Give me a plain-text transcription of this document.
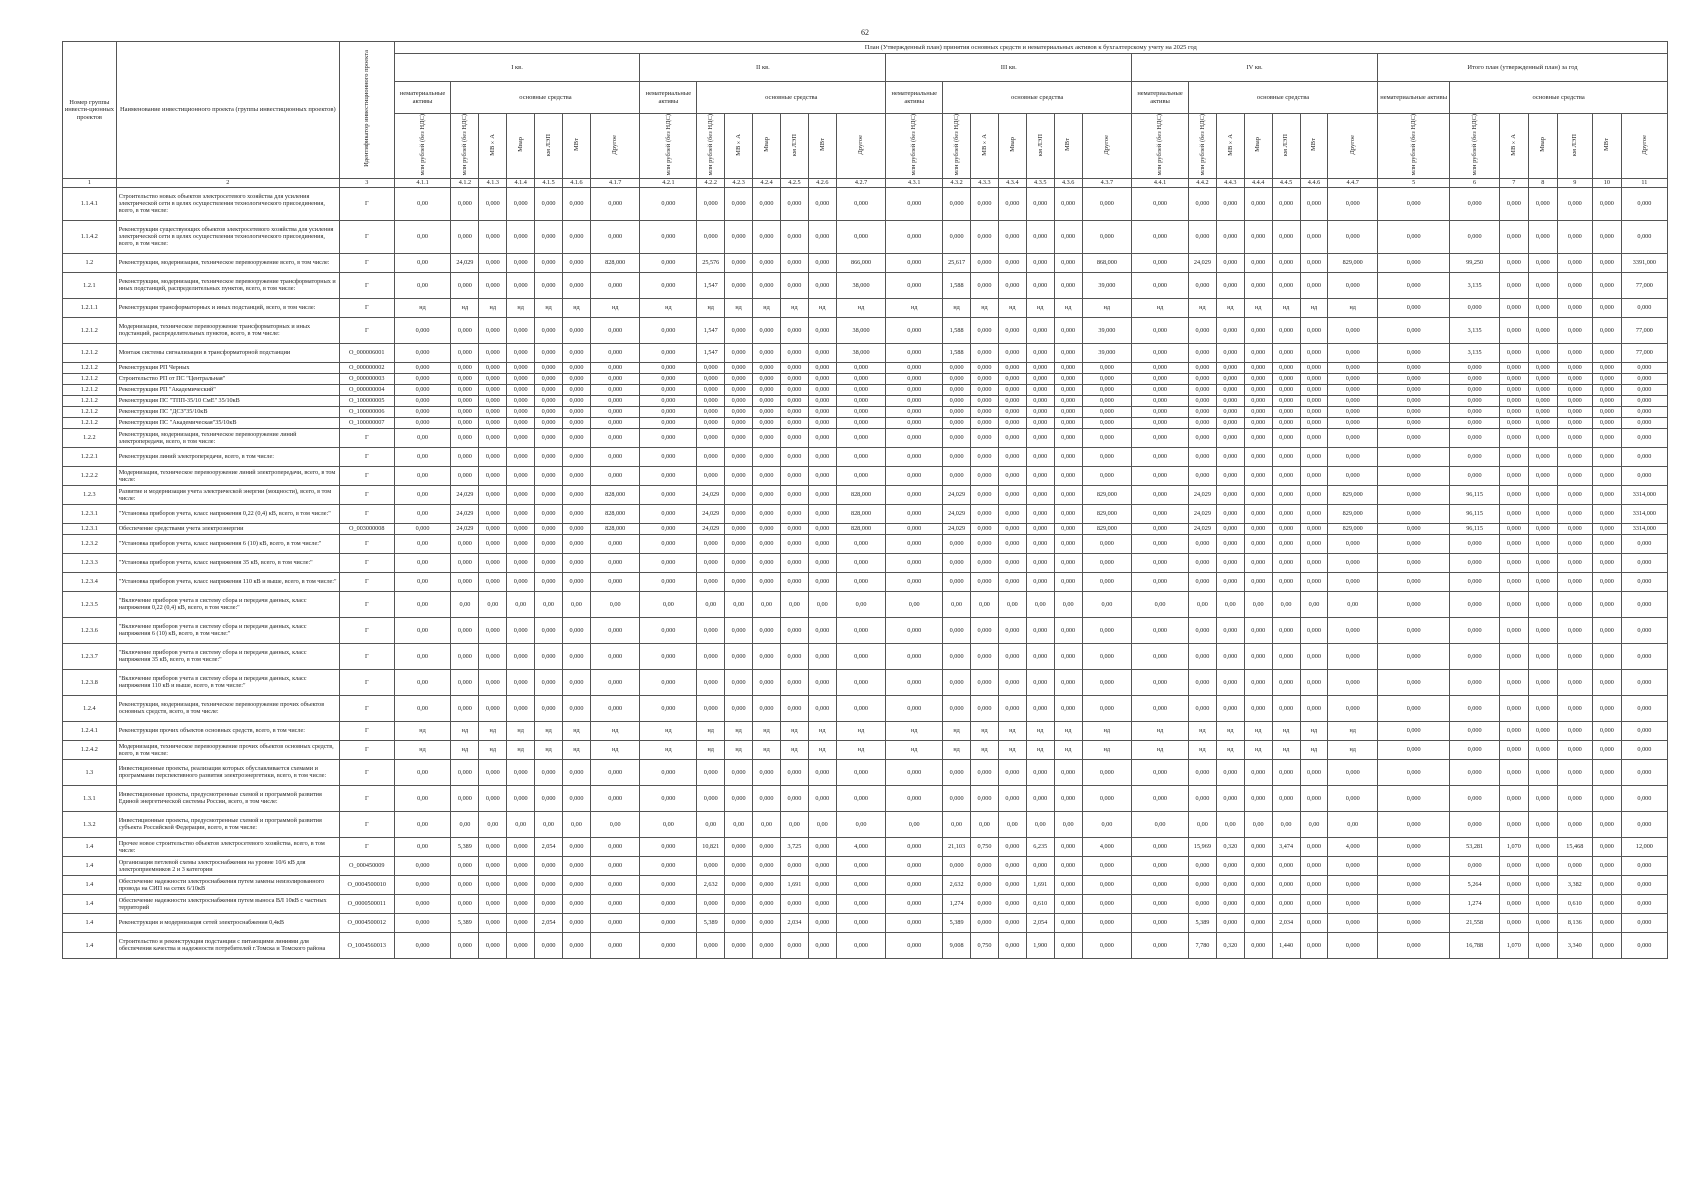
62
Номер группы инвести-ционных проектов	Наименование инвестиционного проекта (группы инвестиционных проектов)	Идентификатор инвестиционного проекта	План (Утвержденный план) принятия основных средств и нематериальных активов к бухгалтерскому учету на 2025 год																																		
			I кв.							II кв.							III кв.							IV кв.							Итого план (утвержденный план) за год						
			нематериальные активы	основные средства						нематериальные активы	основные средства						нематериальные активы	основные средства						нематериальные активы	основные средства						нематериальные активы	основные средства					
			млн рублей (без НДС)	млн рублей (без НДС)	МВ×А	Мвар	км ЛЭП	МВт	Другое	млн рублей (без НДС)	млн рублей (без НДС)	МВ×А	Мвар	км ЛЭП	МВт	Другое	млн рублей (без НДС)	млн рублей (без НДС)	МВ×А	Мвар	км ЛЭП	МВт	Другое	млн рублей (без НДС)	млн рублей (без НДС)	МВ×А	Мвар	км ЛЭП	МВт	Другое	млн рублей (без НДС)	млн рублей (без НДС)	МВ×А	Мвар	км ЛЭП	МВт	Другое
1	2	3	4.1.1	4.1.2	4.1.3	4.1.4	4.1.5	4.1.6	4.1.7	4.2.1	4.2.2	4.2.3	4.2.4	4.2.5	4.2.6	4.2.7	4.3.1	4.3.2	4.3.3	4.3.4	4.3.5	4.3.6	4.3.7	4.4.1	4.4.2	4.4.3	4.4.4	4.4.5	4.4.6	4.4.7	5	6	7	8	9	10	11
1.1.4.1	Строительство новых объектов электросетевого хозяйства для усиления электрической сети в целях осуществления технологического присоединения, всего, в том числе:	Г	0,00	0,000	0,000	0,000	0,000	0,000	0,000	0,000	0,000	0,000	0,000	0,000	0,000	0,000	0,000	0,000	0,000	0,000	0,000	0,000	0,000	0,000	0,000	0,000	0,000	0,000	0,000	0,000	0,000	0,000	0,000	0,000	0,000	0,000	0,000
1.1.4.2	Реконструкция существующих объектов электросетевого хозяйства для усиления электрической сети в целях осуществления технологического присоединения, всего, в том числе:	Г	0,00	0,000	0,000	0,000	0,000	0,000	0,000	0,000	0,000	0,000	0,000	0,000	0,000	0,000	0,000	0,000	0,000	0,000	0,000	0,000	0,000	0,000	0,000	0,000	0,000	0,000	0,000	0,000	0,000	0,000	0,000	0,000	0,000	0,000	0,000
1.2	Реконструкция, модернизация, техническое перевооружение всего, в том числе:	Г	0,00	24,029	0,000	0,000	0,000	0,000	828,000	0,000	25,576	0,000	0,000	0,000	0,000	866,000	0,000	25,617	0,000	0,000	0,000	0,000	868,000	0,000	24,029	0,000	0,000	0,000	0,000	829,000	0,000	99,250	0,000	0,000	0,000	0,000	3391,000
1.2.1	Реконструкция, модернизация, техническое перевооружение трансформаторных и иных подстанций, распределительных пунктов, всего, в том числе:	Г	0,00	0,000	0,000	0,000	0,000	0,000	0,000	0,000	1,547	0,000	0,000	0,000	0,000	38,000	0,000	1,588	0,000	0,000	0,000	0,000	39,000	0,000	0,000	0,000	0,000	0,000	0,000	0,000	0,000	3,135	0,000	0,000	0,000	0,000	77,000
1.2.1.1	Реконструкция трансформаторных и иных подстанций, всего, в том числе:	Г	нд	нд	нд	нд	нд	нд	нд	нд	нд	нд	нд	нд	нд	нд	нд	нд	нд	нд	нд	нд	нд	нд	нд	нд	нд	нд	нд	нд	0,000	0,000	0,000	0,000	0,000	0,000	0,000
1.2.1.2	Модернизация, техническое перевооружение трансформаторных и иных подстанций, распределительных пунктов, всего, в том числе:	Г	0,000	0,000	0,000	0,000	0,000	0,000	0,000	0,000	1,547	0,000	0,000	0,000	0,000	38,000	0,000	1,588	0,000	0,000	0,000	0,000	39,000	0,000	0,000	0,000	0,000	0,000	0,000	0,000	0,000	3,135	0,000	0,000	0,000	0,000	77,000
1.2.1.2	Монтаж системы сигнализации в трансформаторной подстанции	О_000006001	0,000	0,000	0,000	0,000	0,000	0,000	0,000	0,000	1,547	0,000	0,000	0,000	0,000	38,000	0,000	1,588	0,000	0,000	0,000	0,000	39,000	0,000	0,000	0,000	0,000	0,000	0,000	0,000	0,000	3,135	0,000	0,000	0,000	0,000	77,000
1.2.1.2	Реконструкция РП Черных	О_000000002	0,000	0,000	0,000	0,000	0,000	0,000	0,000	0,000	0,000	0,000	0,000	0,000	0,000	0,000	0,000	0,000	0,000	0,000	0,000	0,000	0,000	0,000	0,000	0,000	0,000	0,000	0,000	0,000	0,000	0,000	0,000	0,000	0,000	0,000	0,000
1.2.1.2	Строительство РП от ПС "Центральная"	О_000000003	0,000	0,000	0,000	0,000	0,000	0,000	0,000	0,000	0,000	0,000	0,000	0,000	0,000	0,000	0,000	0,000	0,000	0,000	0,000	0,000	0,000	0,000	0,000	0,000	0,000	0,000	0,000	0,000	0,000	0,000	0,000	0,000	0,000	0,000	0,000
1.2.1.2	Реконструкция РП "Академический"	О_000000004	0,000	0,000	0,000	0,000	0,000	0,000	0,000	0,000	0,000	0,000	0,000	0,000	0,000	0,000	0,000	0,000	0,000	0,000	0,000	0,000	0,000	0,000	0,000	0,000	0,000	0,000	0,000	0,000	0,000	0,000	0,000	0,000	0,000	0,000	0,000
1.2.1.2	Реконструкция ПС "ТПП-35/10 СмЕ" 35/10кВ	О_100000005	0,000	0,000	0,000	0,000	0,000	0,000	0,000	0,000	0,000	0,000	0,000	0,000	0,000	0,000	0,000	0,000	0,000	0,000	0,000	0,000	0,000	0,000	0,000	0,000	0,000	0,000	0,000	0,000	0,000	0,000	0,000	0,000	0,000	0,000	0,000
1.2.1.2	Реконструкция ПС "ДСЗ"35/10кВ	О_100000006	0,000	0,000	0,000	0,000	0,000	0,000	0,000	0,000	0,000	0,000	0,000	0,000	0,000	0,000	0,000	0,000	0,000	0,000	0,000	0,000	0,000	0,000	0,000	0,000	0,000	0,000	0,000	0,000	0,000	0,000	0,000	0,000	0,000	0,000	0,000
1.2.1.2	Реконструкция ПС "Академическая"35/10кВ	О_100000007	0,000	0,000	0,000	0,000	0,000	0,000	0,000	0,000	0,000	0,000	0,000	0,000	0,000	0,000	0,000	0,000	0,000	0,000	0,000	0,000	0,000	0,000	0,000	0,000	0,000	0,000	0,000	0,000	0,000	0,000	0,000	0,000	0,000	0,000	0,000
1.2.2	Реконструкция, модернизация, техническое перевооружение линий электропередачи, всего, в том числе:	Г	0,00	0,000	0,000	0,000	0,000	0,000	0,000	0,000	0,000	0,000	0,000	0,000	0,000	0,000	0,000	0,000	0,000	0,000	0,000	0,000	0,000	0,000	0,000	0,000	0,000	0,000	0,000	0,000	0,000	0,000	0,000	0,000	0,000	0,000	0,000
1.2.2.1	Реконструкция линий электропередачи, всего, в том числе:	Г	0,00	0,000	0,000	0,000	0,000	0,000	0,000	0,000	0,000	0,000	0,000	0,000	0,000	0,000	0,000	0,000	0,000	0,000	0,000	0,000	0,000	0,000	0,000	0,000	0,000	0,000	0,000	0,000	0,000	0,000	0,000	0,000	0,000	0,000	0,000
1.2.2.2	Модернизация, техническое перевооружение линий электропередачи, всего, в том числе:	Г	0,00	0,000	0,000	0,000	0,000	0,000	0,000	0,000	0,000	0,000	0,000	0,000	0,000	0,000	0,000	0,000	0,000	0,000	0,000	0,000	0,000	0,000	0,000	0,000	0,000	0,000	0,000	0,000	0,000	0,000	0,000	0,000	0,000	0,000	0,000
1.2.3	Развитие и модернизация учета электрической энергии (мощности), всего, в том числе:	Г	0,00	24,029	0,000	0,000	0,000	0,000	828,000	0,000	24,029	0,000	0,000	0,000	0,000	828,000	0,000	24,029	0,000	0,000	0,000	0,000	829,000	0,000	24,029	0,000	0,000	0,000	0,000	829,000	0,000	96,115	0,000	0,000	0,000	0,000	3314,000
1.2.3.1	"Установка приборов учета, класс напряжения 0,22 (0,4) кВ, всего, в том числе:"	Г	0,00	24,029	0,000	0,000	0,000	0,000	828,000	0,000	24,029	0,000	0,000	0,000	0,000	828,000	0,000	24,029	0,000	0,000	0,000	0,000	829,000	0,000	24,029	0,000	0,000	0,000	0,000	829,000	0,000	96,115	0,000	0,000	0,000	0,000	3314,000
1.2.3.1	Обеспечение средствами учета электроэнергии	О_003000008	0,000	24,029	0,000	0,000	0,000	0,000	828,000	0,000	24,029	0,000	0,000	0,000	0,000	828,000	0,000	24,029	0,000	0,000	0,000	0,000	829,000	0,000	24,029	0,000	0,000	0,000	0,000	829,000	0,000	96,115	0,000	0,000	0,000	0,000	3314,000
1.2.3.2	"Установка приборов учета, класс напряжения 6 (10) кВ, всего, в том числе:"	Г	0,00	0,000	0,000	0,000	0,000	0,000	0,000	0,000	0,000	0,000	0,000	0,000	0,000	0,000	0,000	0,000	0,000	0,000	0,000	0,000	0,000	0,000	0,000	0,000	0,000	0,000	0,000	0,000	0,000	0,000	0,000	0,000	0,000	0,000	0,000
1.2.3.3	"Установка приборов учета, класс напряжения 35 кВ, всего, в том числе:"	Г	0,00	0,000	0,000	0,000	0,000	0,000	0,000	0,000	0,000	0,000	0,000	0,000	0,000	0,000	0,000	0,000	0,000	0,000	0,000	0,000	0,000	0,000	0,000	0,000	0,000	0,000	0,000	0,000	0,000	0,000	0,000	0,000	0,000	0,000	0,000
1.2.3.4	"Установка приборов учета, класс напряжения 110 кВ и выше, всего, в том числе:"	Г	0,00	0,000	0,000	0,000	0,000	0,000	0,000	0,000	0,000	0,000	0,000	0,000	0,000	0,000	0,000	0,000	0,000	0,000	0,000	0,000	0,000	0,000	0,000	0,000	0,000	0,000	0,000	0,000	0,000	0,000	0,000	0,000	0,000	0,000	0,000
1.2.3.5	"Включение приборов учета в систему сбора и передачи данных, класс напряжения 0,22 (0,4) кВ, всего, в том числе:"	Г	0,00	0,00	0,00	0,00	0,00	0,00	0,00	0,00	0,00	0,00	0,00	0,00	0,00	0,00	0,00	0,00	0,00	0,00	0,00	0,00	0,00	0,00	0,00	0,00	0,00	0,00	0,00	0,00	0,000	0,000	0,000	0,000	0,000	0,000	0,000
1.2.3.6	"Включение приборов учета в систему сбора и передачи данных, класс напряжения 6 (10) кВ, всего, в том числе:"	Г	0,00	0,000	0,000	0,000	0,000	0,000	0,000	0,000	0,000	0,000	0,000	0,000	0,000	0,000	0,000	0,000	0,000	0,000	0,000	0,000	0,000	0,000	0,000	0,000	0,000	0,000	0,000	0,000	0,000	0,000	0,000	0,000	0,000	0,000	0,000
1.2.3.7	"Включение приборов учета в систему сбора и передачи данных, класс напряжения 35 кВ, всего, в том числе:"	Г	0,00	0,000	0,000	0,000	0,000	0,000	0,000	0,000	0,000	0,000	0,000	0,000	0,000	0,000	0,000	0,000	0,000	0,000	0,000	0,000	0,000	0,000	0,000	0,000	0,000	0,000	0,000	0,000	0,000	0,000	0,000	0,000	0,000	0,000	0,000
1.2.3.8	"Включение приборов учета в систему сбора и передачи данных, класс напряжения 110 кВ и выше, всего, в том числе:"	Г	0,00	0,000	0,000	0,000	0,000	0,000	0,000	0,000	0,000	0,000	0,000	0,000	0,000	0,000	0,000	0,000	0,000	0,000	0,000	0,000	0,000	0,000	0,000	0,000	0,000	0,000	0,000	0,000	0,000	0,000	0,000	0,000	0,000	0,000	0,000
1.2.4	Реконструкция, модернизация, техническое перевооружение прочих объектов основных средств, всего, в том числе:	Г	0,00	0,000	0,000	0,000	0,000	0,000	0,000	0,000	0,000	0,000	0,000	0,000	0,000	0,000	0,000	0,000	0,000	0,000	0,000	0,000	0,000	0,000	0,000	0,000	0,000	0,000	0,000	0,000	0,000	0,000	0,000	0,000	0,000	0,000	0,000
1.2.4.1	Реконструкция прочих объектов основных средств, всего, в том числе:	Г	нд	нд	нд	нд	нд	нд	нд	нд	нд	нд	нд	нд	нд	нд	нд	нд	нд	нд	нд	нд	нд	нд	нд	нд	нд	нд	нд	нд	0,000	0,000	0,000	0,000	0,000	0,000	0,000
1.2.4.2	Модернизация, техническое перевооружение прочих объектов основных средств, всего, в том числе:	Г	нд	нд	нд	нд	нд	нд	нд	нд	нд	нд	нд	нд	нд	нд	нд	нд	нд	нд	нд	нд	нд	нд	нд	нд	нд	нд	нд	нд	0,000	0,000	0,000	0,000	0,000	0,000	0,000
1.3	Инвестиционные проекты, реализация которых обуславливается схемами и программами перспективного развития электроэнергетики, всего, в том числе:	Г	0,00	0,000	0,000	0,000	0,000	0,000	0,000	0,000	0,000	0,000	0,000	0,000	0,000	0,000	0,000	0,000	0,000	0,000	0,000	0,000	0,000	0,000	0,000	0,000	0,000	0,000	0,000	0,000	0,000	0,000	0,000	0,000	0,000	0,000	0,000
1.3.1	Инвестиционные проекты, предусмотренные схемой и программой развития Единой энергетической системы России, всего, в том числе:	Г	0,00	0,000	0,000	0,000	0,000	0,000	0,000	0,000	0,000	0,000	0,000	0,000	0,000	0,000	0,000	0,000	0,000	0,000	0,000	0,000	0,000	0,000	0,000	0,000	0,000	0,000	0,000	0,000	0,000	0,000	0,000	0,000	0,000	0,000	0,000
1.3.2	Инвестиционные проекты, предусмотренные схемой и программой развития субъекта Российской Федерации, всего, в том числе:	Г	0,00	0,00	0,00	0,00	0,00	0,00	0,00	0,00	0,00	0,00	0,00	0,00	0,00	0,00	0,00	0,00	0,00	0,00	0,00	0,00	0,00	0,00	0,00	0,00	0,00	0,00	0,00	0,00	0,000	0,000	0,000	0,000	0,000	0,000	0,000
1.4	Прочее новое строительство объектов электросетевого хозяйства, всего, в том числе:	Г	0,00	5,389	0,000	0,000	2,054	0,000	0,000	0,000	10,821	0,000	0,000	3,725	0,000	4,000	0,000	21,103	0,750	0,000	6,235	0,000	4,000	0,000	15,969	0,320	0,000	3,474	0,000	4,000	0,000	53,281	1,070	0,000	15,468	0,000	12,000
1.4	Организация петлевой схемы электроснабжения на уровне 10/6 кВ для электроприемников 2 и 3 категории	О_000450009	0,000	0,000	0,000	0,000	0,000	0,000	0,000	0,000	0,000	0,000	0,000	0,000	0,000	0,000	0,000	0,000	0,000	0,000	0,000	0,000	0,000	0,000	0,000	0,000	0,000	0,000	0,000	0,000	0,000	0,000	0,000	0,000	0,000	0,000	0,000
1.4	Обеспечение надежности электроснабжения путем замены неизолированного провода на СИП на сетях 6/10кВ	О_0004500010	0,000	0,000	0,000	0,000	0,000	0,000	0,000	0,000	2,632	0,000	0,000	1,691	0,000	0,000	0,000	2,632	0,000	0,000	1,691	0,000	0,000	0,000	0,000	0,000	0,000	0,000	0,000	0,000	0,000	5,264	0,000	0,000	3,382	0,000	0,000
1.4	Обеспечение надежности электроснабжения путем выноса ВЛ 10кВ с частных территорий	О_0000500011	0,000	0,000	0,000	0,000	0,000	0,000	0,000	0,000	0,000	0,000	0,000	0,000	0,000	0,000	0,000	1,274	0,000	0,000	0,610	0,000	0,000	0,000	0,000	0,000	0,000	0,000	0,000	0,000	0,000	1,274	0,000	0,000	0,610	0,000	0,000
1.4	Реконструкция и модернизация сетей электроснабжения 0,4кВ	О_0004500012	0,000	5,389	0,000	0,000	2,054	0,000	0,000	0,000	5,389	0,000	0,000	2,034	0,000	0,000	0,000	5,389	0,000	0,000	2,054	0,000	0,000	0,000	5,389	0,000	0,000	2,034	0,000	0,000	0,000	21,558	0,000	0,000	8,136	0,000	0,000
1.4	Строительство и реконструкция подстанции с питающими линиями для обеспечения качества и надежности потребителей г.Томска и Томского района	О_1004560013	0,000	0,000	0,000	0,000	0,000	0,000	0,000	0,000	0,000	0,000	0,000	0,000	0,000	0,000	0,000	9,008	0,750	0,000	1,900	0,000	0,000	0,000	7,780	0,320	0,000	1,440	0,000	0,000	0,000	16,788	1,070	0,000	3,340	0,000	0,000
